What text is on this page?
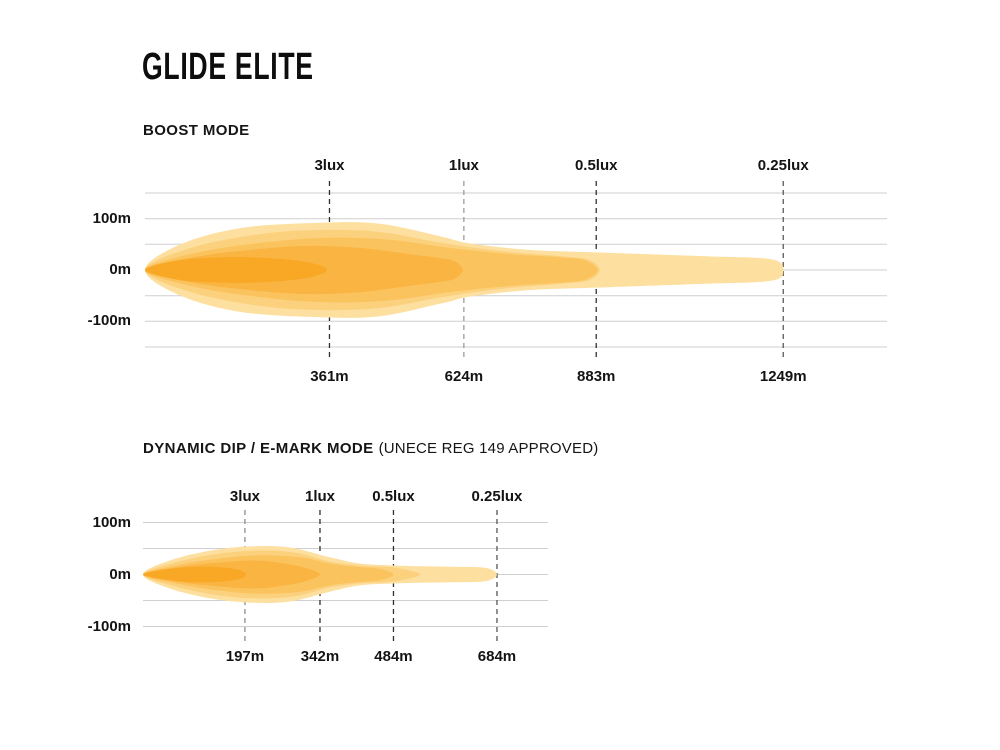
GLIDE ELITE
BOOST MODE
DYNAMIC DIP / E-MARK MODE (UNECE REG 149 APPROVED)
3lux
361m
1lux
624m
0.5lux
883m
0.25lux
1249m
100m
0m
-100m
3lux
197m
1lux
342m
0.5lux
484m
0.25lux
684m
100m
0m
-100m
